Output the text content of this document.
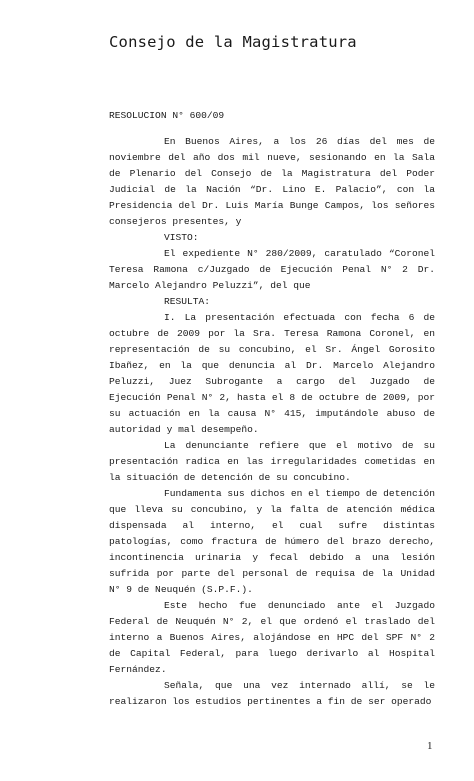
Consejo de la Magistratura
RESOLUCION N° 600/09

En Buenos Aires, a los 26 días del mes de noviembre del año dos mil nueve, sesionando en la Sala de Plenario del Consejo de la Magistratura del Poder Judicial de la Nación “Dr. Lino E. Palacio”, con la Presidencia del Dr. Luis María Bunge Campos, los señores consejeros presentes, y

VISTO:

El expediente N° 280/2009, caratulado “Coronel Teresa Ramona c/Juzgado de Ejecución Penal N° 2 Dr. Marcelo Alejandro Peluzzi”, del que

RESULTA:

I. La presentación efectuada con fecha 6 de octubre de 2009 por la Sra. Teresa Ramona Coronel, en representación de su concubino, el Sr. Ángel Gorosito Ibañez, en la que denuncia al Dr. Marcelo Alejandro Peluzzi, Juez Subrogante a cargo del Juzgado de Ejecución Penal N° 2, hasta el 8 de octubre de 2009, por su actuación en la causa N° 415, imputándole abuso de autoridad y mal desempeño.

La denunciante refiere que el motivo de su presentación radica en las irregularidades cometidas en la situación de detención de su concubino.

Fundamenta sus dichos en el tiempo de detención que lleva su concubino, y la falta de atención médica dispensada al interno, el cual sufre distintas patologías, como fractura de húmero del brazo derecho, incontinencia urinaria y fecal debido a una lesión sufrida por parte del personal de requisa de la Unidad N° 9 de Neuquén (S.P.F.).

Este hecho fue denunciado ante el Juzgado Federal de Neuquén N° 2, el que ordenó el traslado del interno a Buenos Aires, alojándose en HPC del SPF N° 2 de Capital Federal, para luego derivarlo al Hospital Fernández.

Señala, que una vez internado allí, se le realizaron los estudios pertinentes a fin de ser operado

1
